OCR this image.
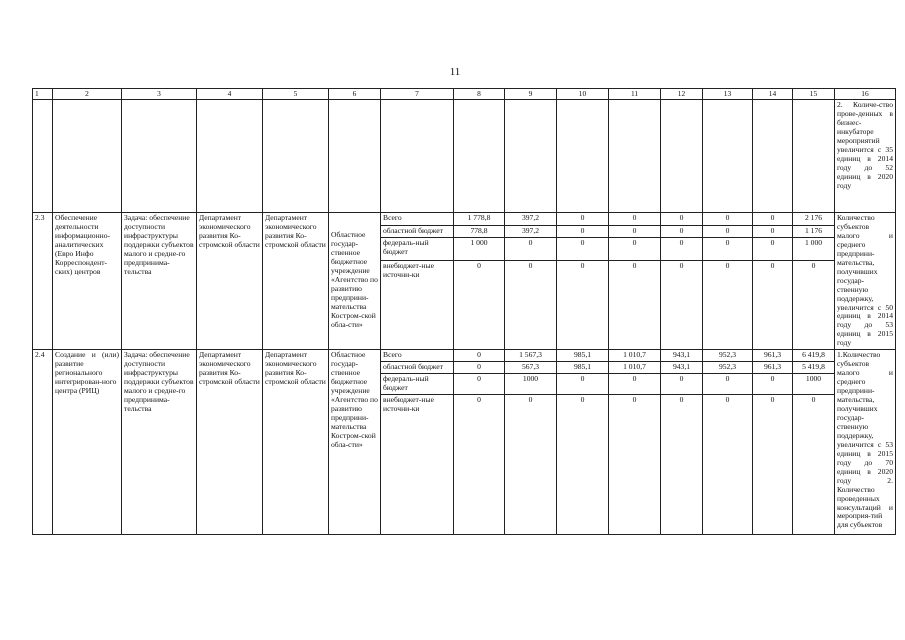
11
1	2	3	4	5	6	7	8	9	10	11	12	13	14	15	16
															2. Количе-ство прове-денных в бизнес-инкубаторе мероприятий увеличится с 35 единиц в 2014 году до 52 единиц в 2020 году
2.3	Обеспечение деятельности информационно-аналитических (Евро Инфо Корреспондент-ских) центров	Задача: обеспечение доступности инфраструктуры поддержки субъектов малого и средне-го предпринима-тельства	Департамент экономического развития Ко-стромской области	Департамент экономического развития Ко-стромской области	Областное государ-ственное бюджетное учреждение «Агентство по развитию предприни-мательства Костром-ской обла-сти»	Всего	1 778,8	397,2	0	0	0	0	0	2 176	Количество субъектов малого и среднего предприни-мательства, получивших государ-ственную поддержку, увеличится с 50 единиц в 2014 году до 53 единиц в 2015 году
						областной бюджет	778,8	397,2	0	0	0	0	0	1 176	
						федераль-ный бюджет	1 000	0	0	0	0	0	0	1 000	
						внебюджет-ные источни-ки	0	0	0	0	0	0	0	0	
2.4	Создание и (или) развитие регионального интегрирован-ного центра (РИЦ)	Задача: обеспечение доступности инфраструктуры поддержки субъектов малого и средне-го предпринима-тельства	Департамент экономического развития Ко-стромской области	Департамент экономического развития Ко-стромской области	Областное государ-ственное бюджетное учреждение «Агентство по развитию предприни-мательства Костром-ской обла-сти»	Всего	0	1 567,3	985,1	1 010,7	943,1	952,3	961,3	6 419,8	1.Количество субъектов малого и среднего предприни-мательства, получивших государ-ственную поддержку, увеличится с 53 единиц в 2015 году до 70 единиц в 2020 году 2. Количество проведенных консультаций и мероприя-тий для субъектов
						областной бюджет	0	567,3	985,1	1 010,7	943,1	952,3	961,3	5 419,8	
						федераль-ный бюджет	0	1000	0	0	0	0	0	1000	
						внебюджет-ные источни-ки	0	0	0	0	0	0	0	0	
